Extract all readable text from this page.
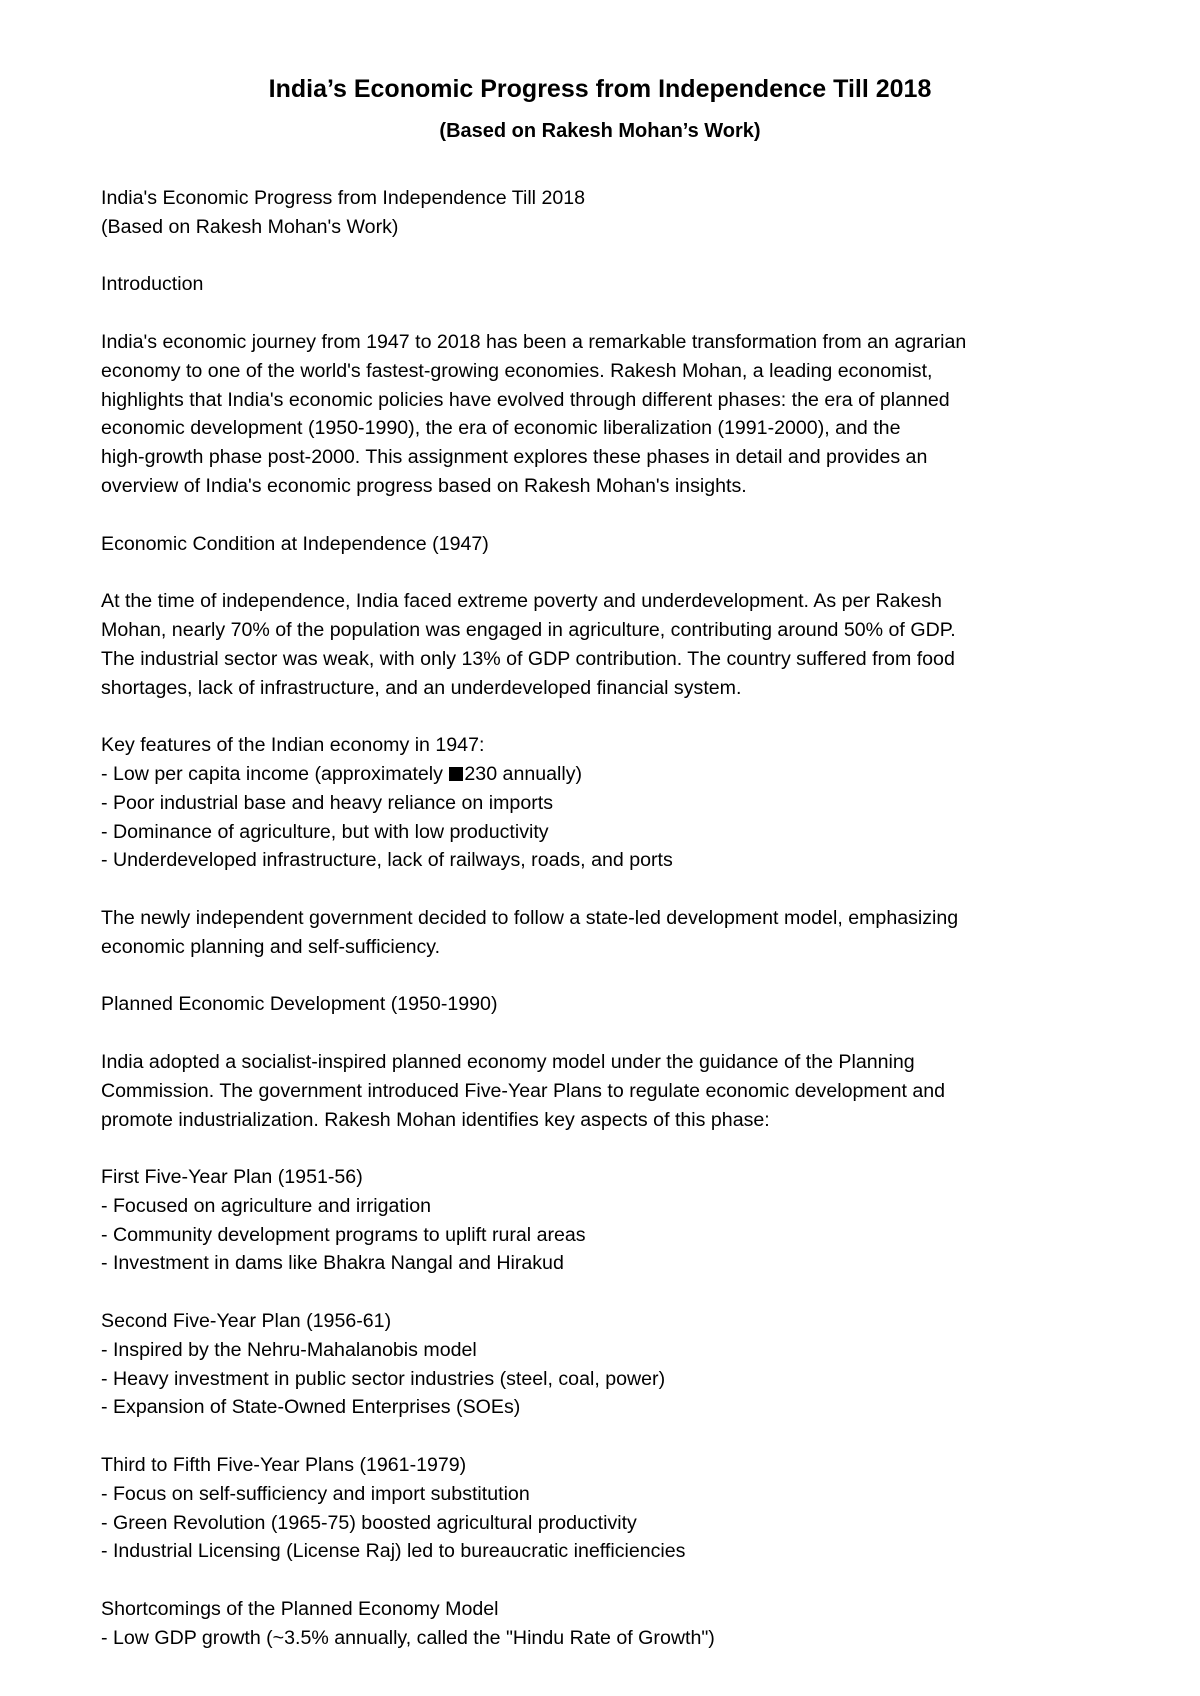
India’s Economic Progress from Independence Till 2018
(Based on Rakesh Mohan’s Work)
India's Economic Progress from Independence Till 2018
(Based on Rakesh Mohan's Work)
Introduction
India's economic journey from 1947 to 2018 has been a remarkable transformation from an agrarian
economy to one of the world's fastest-growing economies. Rakesh Mohan, a leading economist,
highlights that India's economic policies have evolved through different phases: the era of planned
economic development (1950-1990), the era of economic liberalization (1991-2000), and the
high-growth phase post-2000. This assignment explores these phases in detail and provides an
overview of India's economic progress based on Rakesh Mohan's insights.
Economic Condition at Independence (1947)
At the time of independence, India faced extreme poverty and underdevelopment. As per Rakesh
Mohan, nearly 70% of the population was engaged in agriculture, contributing around 50% of GDP.
The industrial sector was weak, with only 13% of GDP contribution. The country suffered from food
shortages, lack of infrastructure, and an underdeveloped financial system.
Key features of the Indian economy in 1947:
- Low per capita income (approximately 230 annually)
- Poor industrial base and heavy reliance on imports
- Dominance of agriculture, but with low productivity
- Underdeveloped infrastructure, lack of railways, roads, and ports
The newly independent government decided to follow a state-led development model, emphasizing
economic planning and self-sufficiency.
Planned Economic Development (1950-1990)
India adopted a socialist-inspired planned economy model under the guidance of the Planning
Commission. The government introduced Five-Year Plans to regulate economic development and
promote industrialization. Rakesh Mohan identifies key aspects of this phase:
First Five-Year Plan (1951-56)
- Focused on agriculture and irrigation
- Community development programs to uplift rural areas
- Investment in dams like Bhakra Nangal and Hirakud
Second Five-Year Plan (1956-61)
- Inspired by the Nehru-Mahalanobis model
- Heavy investment in public sector industries (steel, coal, power)
- Expansion of State-Owned Enterprises (SOEs)
Third to Fifth Five-Year Plans (1961-1979)
- Focus on self-sufficiency and import substitution
- Green Revolution (1965-75) boosted agricultural productivity
- Industrial Licensing (License Raj) led to bureaucratic inefficiencies
Shortcomings of the Planned Economy Model
- Low GDP growth (~3.5% annually, called the "Hindu Rate of Growth")
